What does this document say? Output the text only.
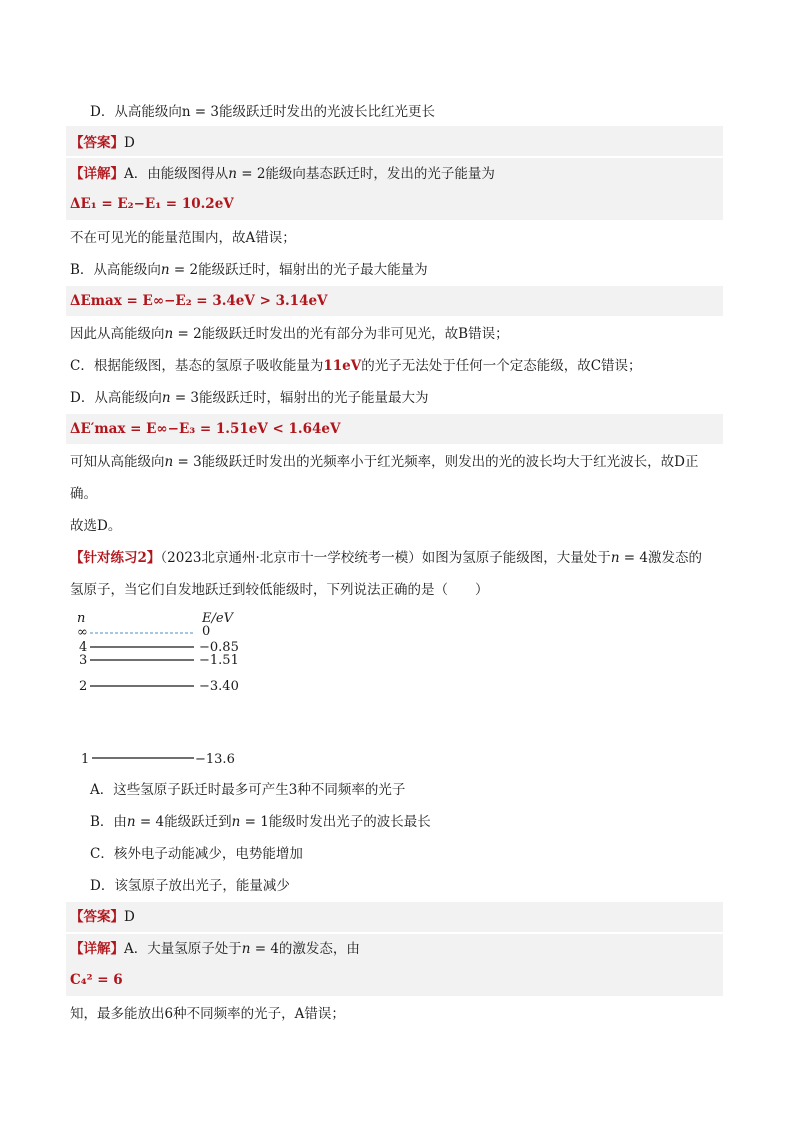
D．从高能级向n = 3能级跃迁时发出的光波长比红光更长
【答案】D
【详解】A．由能级图得从n = 2能级向基态跃迁时，发出的光子能量为
ΔE₁ = E₂−E₁ = 10.2eV
不在可见光的能量范围内，故A错误；
B．从高能级向n = 2能级跃迁时，辐射出的光子最大能量为
ΔEmax = E∞−E₂ = 3.4eV > 3.14eV
因此从高能级向n = 2能级跃迁时发出的光有部分为非可见光，故B错误；
C．根据能级图，基态的氢原子吸收能量为11eV的光子无法处于任何一个定态能级，故C错误；
D．从高能级向n = 3能级跃迁时，辐射出的光子能量最大为
ΔE′max = E∞−E₃ = 1.51eV < 1.64eV
可知从高能级向n = 3能级跃迁时发出的光频率小于红光频率，则发出的光的波长均大于红光波长，故D正
确。
故选D。
【针对练习2】（2023北京通州·北京市十一学校统考一模）如图为氢原子能级图，大量处于n = 4激发态的
氢原子，当它们自发地跃迁到较低能级时，下列说法正确的是（　　）
n	E/eV
∞	0
4	−0.85
3	−1.51
2	−3.40
1	−13.6
A．这些氢原子跃迁时最多可产生3种不同频率的光子
B．由n = 4能级跃迁到n = 1能级时发出光子的波长最长
C．核外电子动能减少，电势能增加
D．该氢原子放出光子，能量减少
【答案】D
【详解】A．大量氢原子处于n = 4的激发态，由
C₄² = 6
知，最多能放出6种不同频率的光子，A错误；
